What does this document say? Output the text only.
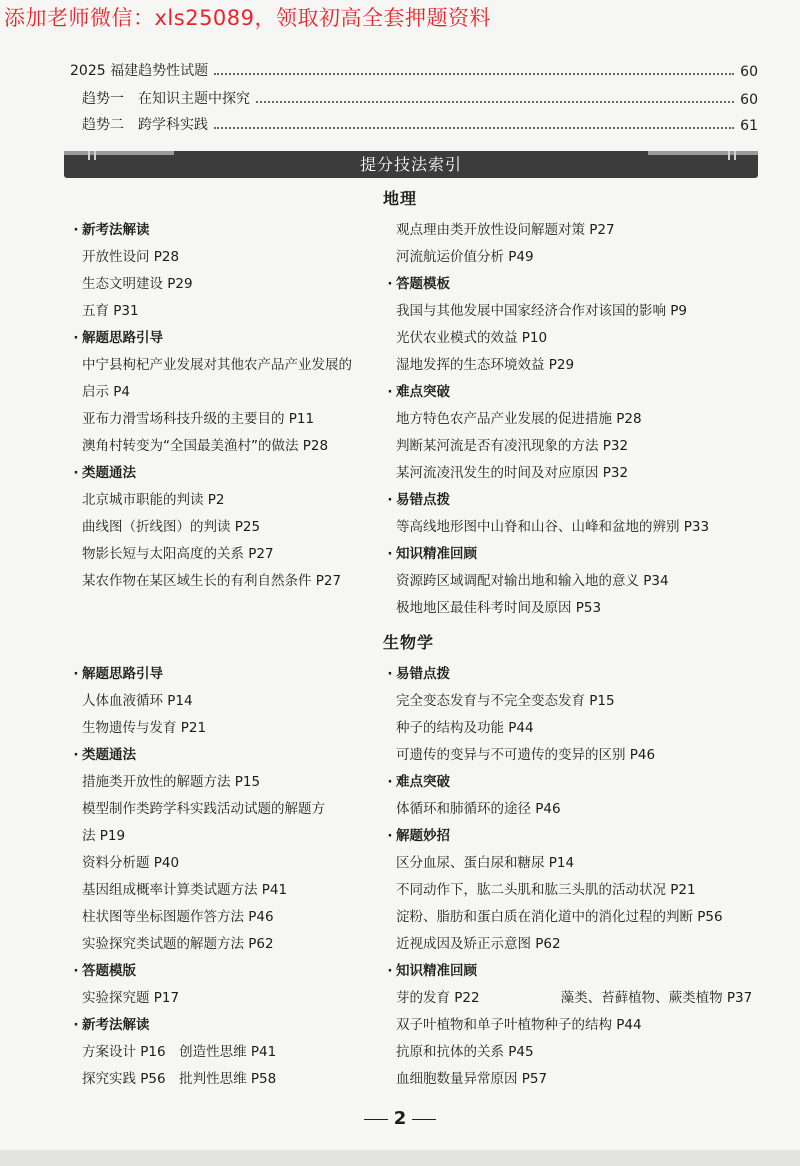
添加老师微信：xls25089，领取初高全套押题资料
2025 福建趋势性试题	60
趋势一　在知识主题中探究	60
趋势二　跨学科实践	61
提分技法索引
地理
· 新考法解读
开放性设问 P28
生态文明建设 P29
五育 P31
· 解题思路引导
中宁县枸杞产业发展对其他农产品产业发展的
启示 P4
亚布力滑雪场科技升级的主要目的 P11
澳角村转变为“全国最美渔村”的做法 P28
· 类题通法
北京城市职能的判读 P2
曲线图（折线图）的判读 P25
物影长短与太阳高度的关系 P27
某农作物在某区域生长的有利自然条件 P27
观点理由类开放性设问解题对策 P27
河流航运价值分析 P49
· 答题模板
我国与其他发展中国家经济合作对该国的影响 P9
光伏农业模式的效益 P10
湿地发挥的生态环境效益 P29
· 难点突破
地方特色农产品产业发展的促进措施 P28
判断某河流是否有凌汛现象的方法 P32
某河流凌汛发生的时间及对应原因 P32
· 易错点拨
等高线地形图中山脊和山谷、山峰和盆地的辨别 P33
· 知识精准回顾
资源跨区域调配对输出地和输入地的意义 P34
极地地区最佳科考时间及原因 P53
生物学
· 解题思路引导
人体血液循环 P14
生物遗传与发育 P21
· 类题通法
措施类开放性的解题方法 P15
模型制作类跨学科实践活动试题的解题方
法 P19
资料分析题 P40
基因组成概率计算类试题方法 P41
柱状图等坐标图题作答方法 P46
实验探究类试题的解题方法 P62
· 答题模版
实验探究题 P17
· 新考法解读
方案设计 P16　创造性思维 P41
探究实践 P56　批判性思维 P58
· 易错点拨
完全变态发育与不完全变态发育 P15
种子的结构及功能 P44
可遗传的变异与不可遗传的变异的区别 P46
· 难点突破
体循环和肺循环的途径 P46
· 解题妙招
区分血尿、蛋白尿和糖尿 P14
不同动作下，肱二头肌和肱三头肌的活动状况 P21
淀粉、脂肪和蛋白质在消化道中的消化过程的判断 P56
近视成因及矫正示意图 P62
· 知识精准回顾
芽的发育 P22　　　　　　藻类、苔藓植物、蕨类植物 P37
双子叶植物和单子叶植物种子的结构 P44
抗原和抗体的关系 P45
血细胞数量异常原因 P57
2
